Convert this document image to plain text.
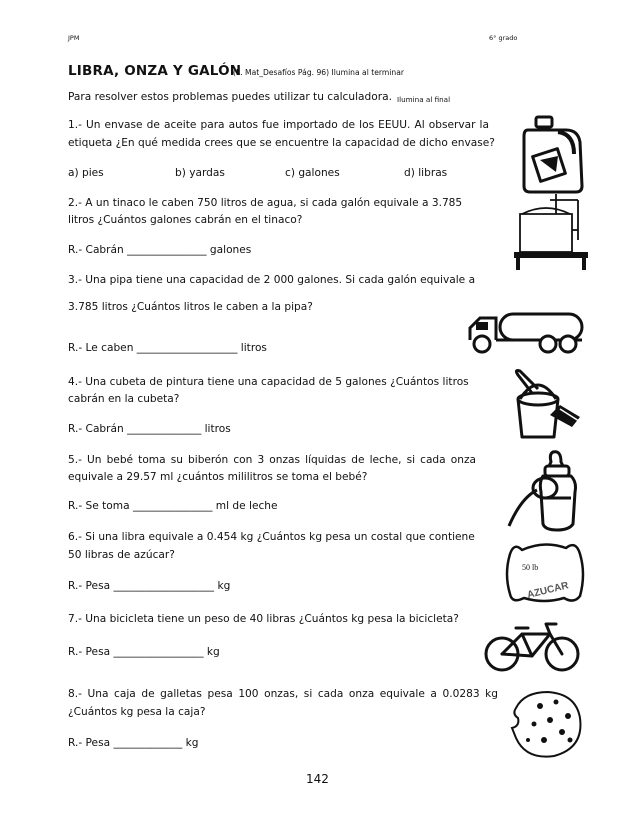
JPM	6° grado
LIBRA, ONZA Y GALÓN
(L. Mat_Desafíos Pág. 96) Ilumina al terminar
Para resolver estos problemas puedes utilizar tu calculadora. Ilumina al final
1.- Un envase de aceite para autos fue importado de los EEUU. Al observar la
etiqueta ¿En qué medida crees que se encuentre la capacidad de dicho envase?
a) pies	b) yardas	c) galones	d) libras
2.- A un tinaco le caben 750 litros de agua, si cada galón equivale a 3.785
litros ¿Cuántos galones cabrán en el tinaco?
R.- Cabrán _______________ galones
3.- Una pipa tiene una capacidad de 2 000 galones. Si cada galón equivale a
3.785 litros ¿Cuántos litros le caben a la pipa?
R.- Le caben ___________________ litros
4.- Una cubeta de pintura tiene una capacidad de 5 galones ¿Cuántos litros
cabrán en la cubeta?
R.- Cabrán ______________ litros
5.- Un bebé toma su biberón con 3 onzas líquidas de leche, si cada onza
equivale a 29.57 ml ¿cuántos mililitros se toma el bebé?
R.- Se toma _______________ ml de leche
6.- Si una libra equivale a 0.454 kg ¿Cuántos kg pesa un costal que contiene
50 libras de azúcar?
R.- Pesa ___________________ kg
7.- Una bicicleta tiene un peso de 40 libras ¿Cuántos kg pesa la bicicleta?
R.- Pesa _________________ kg
8.- Una caja de galletas pesa 100 onzas, si cada onza equivale a 0.0283 kg
¿Cuántos kg pesa la caja?
R.- Pesa _____________ kg
142
50 lb
AZUCAR
